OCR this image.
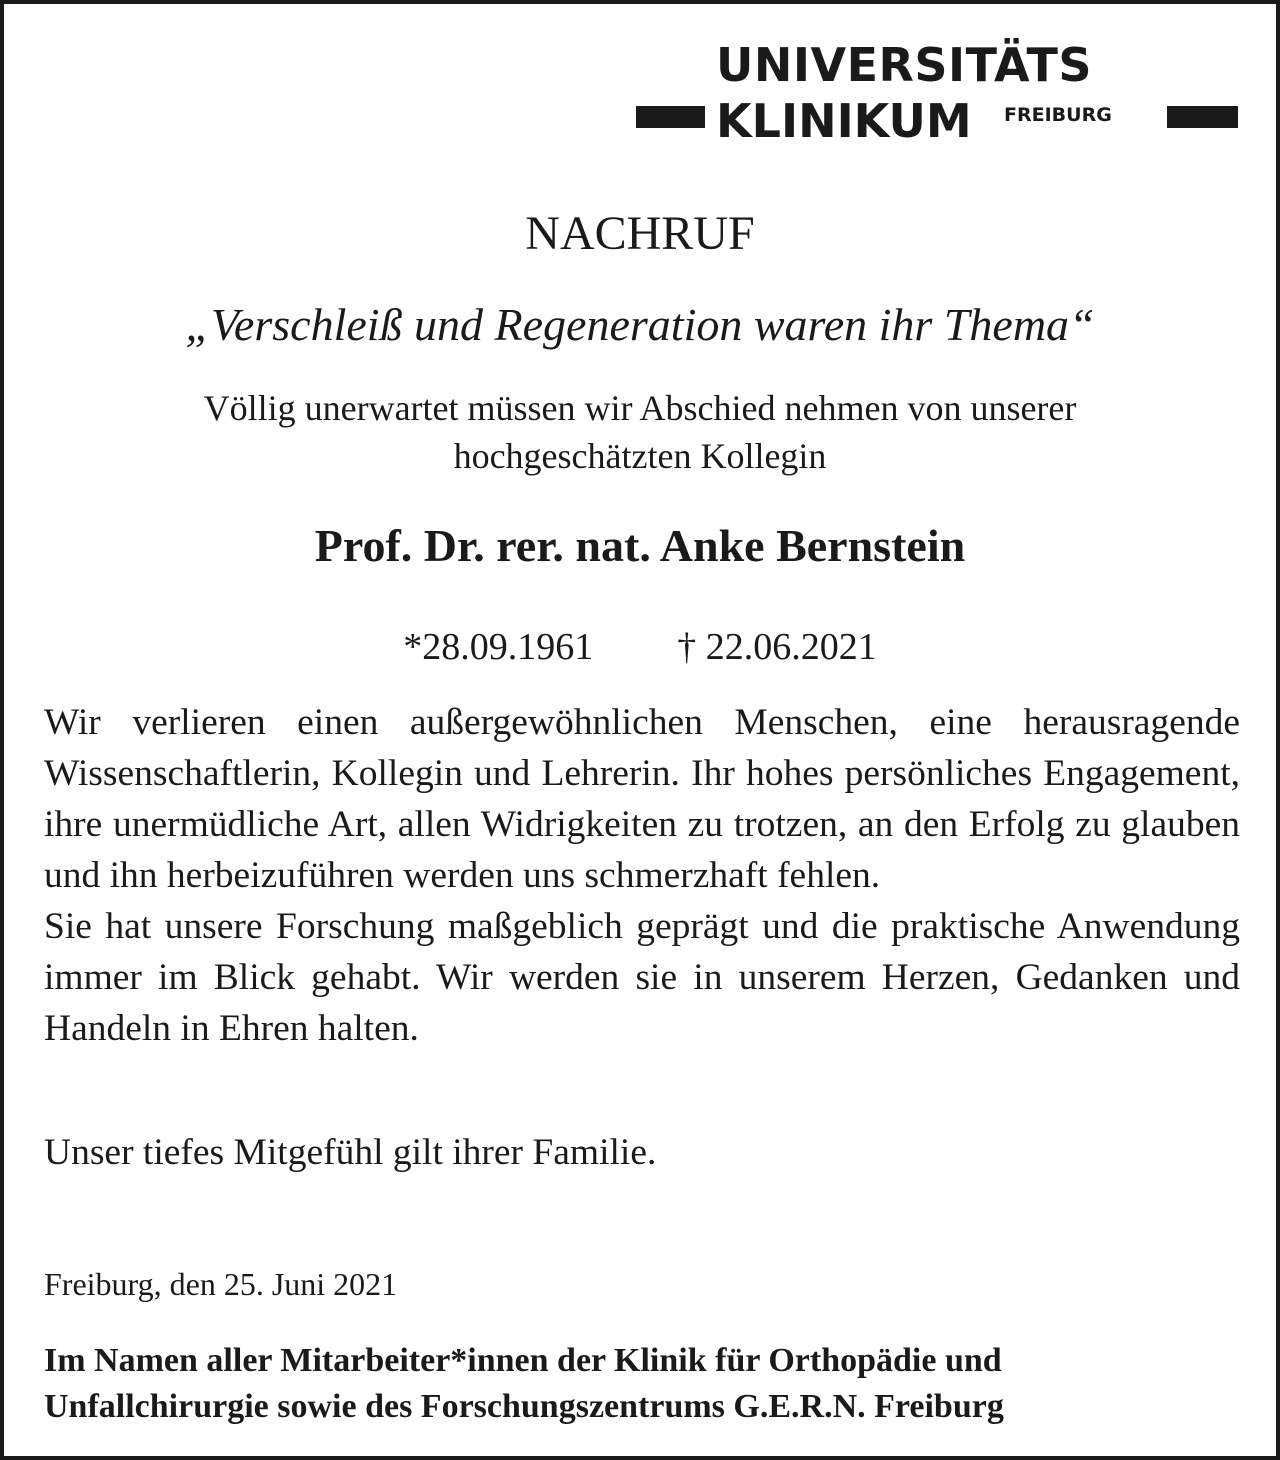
UNIVERSITÄTS
KLINIKUM FREIBURG
NACHRUF
„Verschleiß und Regeneration waren ihr Thema“
Völlig unerwartet müssen wir Abschied nehmen von unserer
hochgeschätzten Kollegin
Prof. Dr. rer. nat. Anke Bernstein
*28.09.1961 † 22.06.2021

Wir verlieren einen außergewöhnlichen Menschen, eine herausragende Wissenschaftlerin, Kollegin und Lehrerin. Ihr hohes persönliches Engagement, ihre unermüdliche Art, allen Widrigkeiten zu trotzen, an den Erfolg zu glauben und ihn herbeizuführen werden uns schmerzhaft fehlen.

Sie hat unsere Forschung maßgeblich geprägt und die praktische Anwendung immer im Blick gehabt. Wir werden sie in unserem Herzen, Gedanken und Handeln in Ehren halten.

Unser tiefes Mitgefühl gilt ihrer Familie.
Freiburg, den 25. Juni 2021
Im Namen aller Mitarbeiter*innen der Klinik für Orthopädie und
Unfallchirurgie sowie des Forschungszentrums G.E.R.N. Freiburg
